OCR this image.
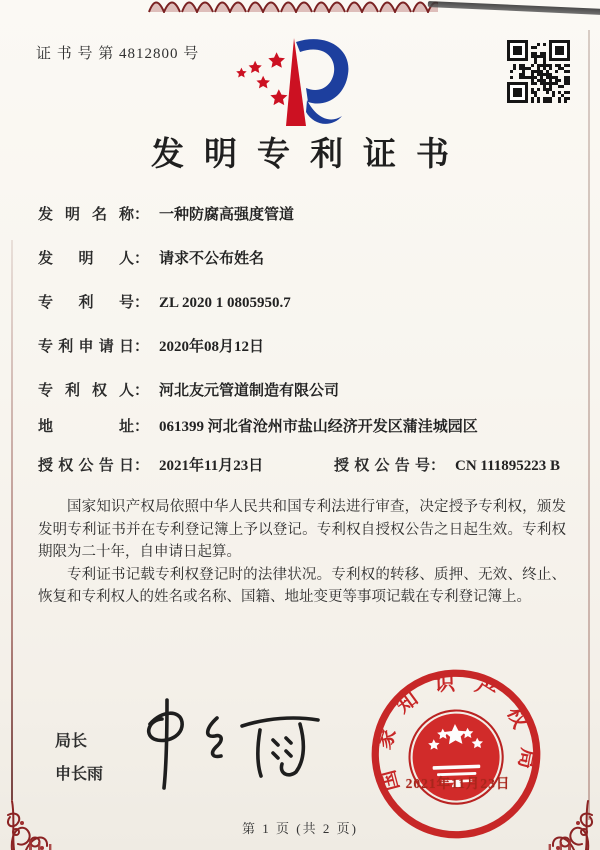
证 书 号 第 4812800 号
发明专利证书
发明名称： 一种防腐高强度管道
发明人： 请求不公布姓名
专利号： ZL 2020 1 0805950.7
专利申请日： 2020年08月12日
专利权人： 河北友元管道制造有限公司
地址： 061399 河北省沧州市盐山经济开发区蒲洼城园区
授权公告日： 2021年11月23日	授权公告号： CN 111895223 B

国家知识产权局依照中华人民共和国专利法进行审查，决定授予专利权，颁发发明专利证书并在专利登记簿上予以登记。专利权自授权公告之日起生效。专利权期限为二十年，自申请日起算。

专利证书记载专利权登记时的法律状况。专利权的转移、质押、无效、终止、恢复和专利权人的姓名或名称、国籍、地址变更等事项记载在专利登记簿上。

局长
申长雨	国家知识产权局
2021年11月23日
第 1 页 (共 2 页)
